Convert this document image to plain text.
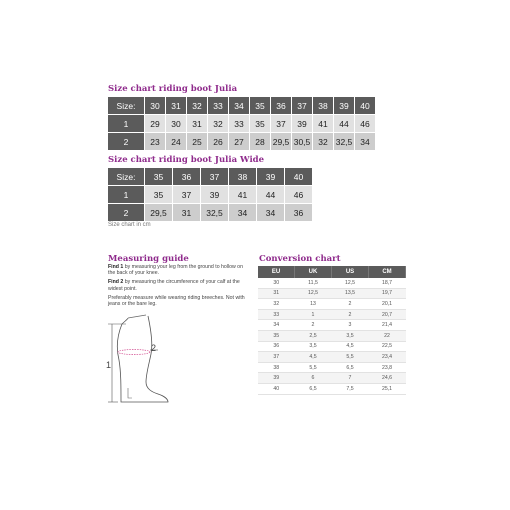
Size chart riding boot Julia
Size:	30	31	32	33	34	35	36	37	38	39	40
1	29	30	31	32	33	35	37	39	41	44	46
2	23	24	25	26	27	28	29,5	30,5	32	32,5	34
Size chart riding boot Julia Wide
Size:	35	36	37	38	39	40
1	35	37	39	41	44	46
2	29,5	31	32,5	34	34	36
Size chart in cm
Measuring guide

Find 1 by measuring your leg from the ground to hollow on the back of your knee.

Find 2 by measuring the circumference of your calf at the widest point.

Preferably measure while wearing riding breeches. Not with jeans or the bare leg.

1
2
Conversion chart
EU	UK	US	CM
30	11,5	12,5	18,7
31	12,5	13,5	19,7
32	13	2	20,1
33	1	2	20,7
34	2	3	21,4
35	2,5	3,5	22
36	3,5	4,5	22,5
37	4,5	5,5	23,4
38	5,5	6,5	23,8
39	6	7	24,6
40	6,5	7,5	25,1
